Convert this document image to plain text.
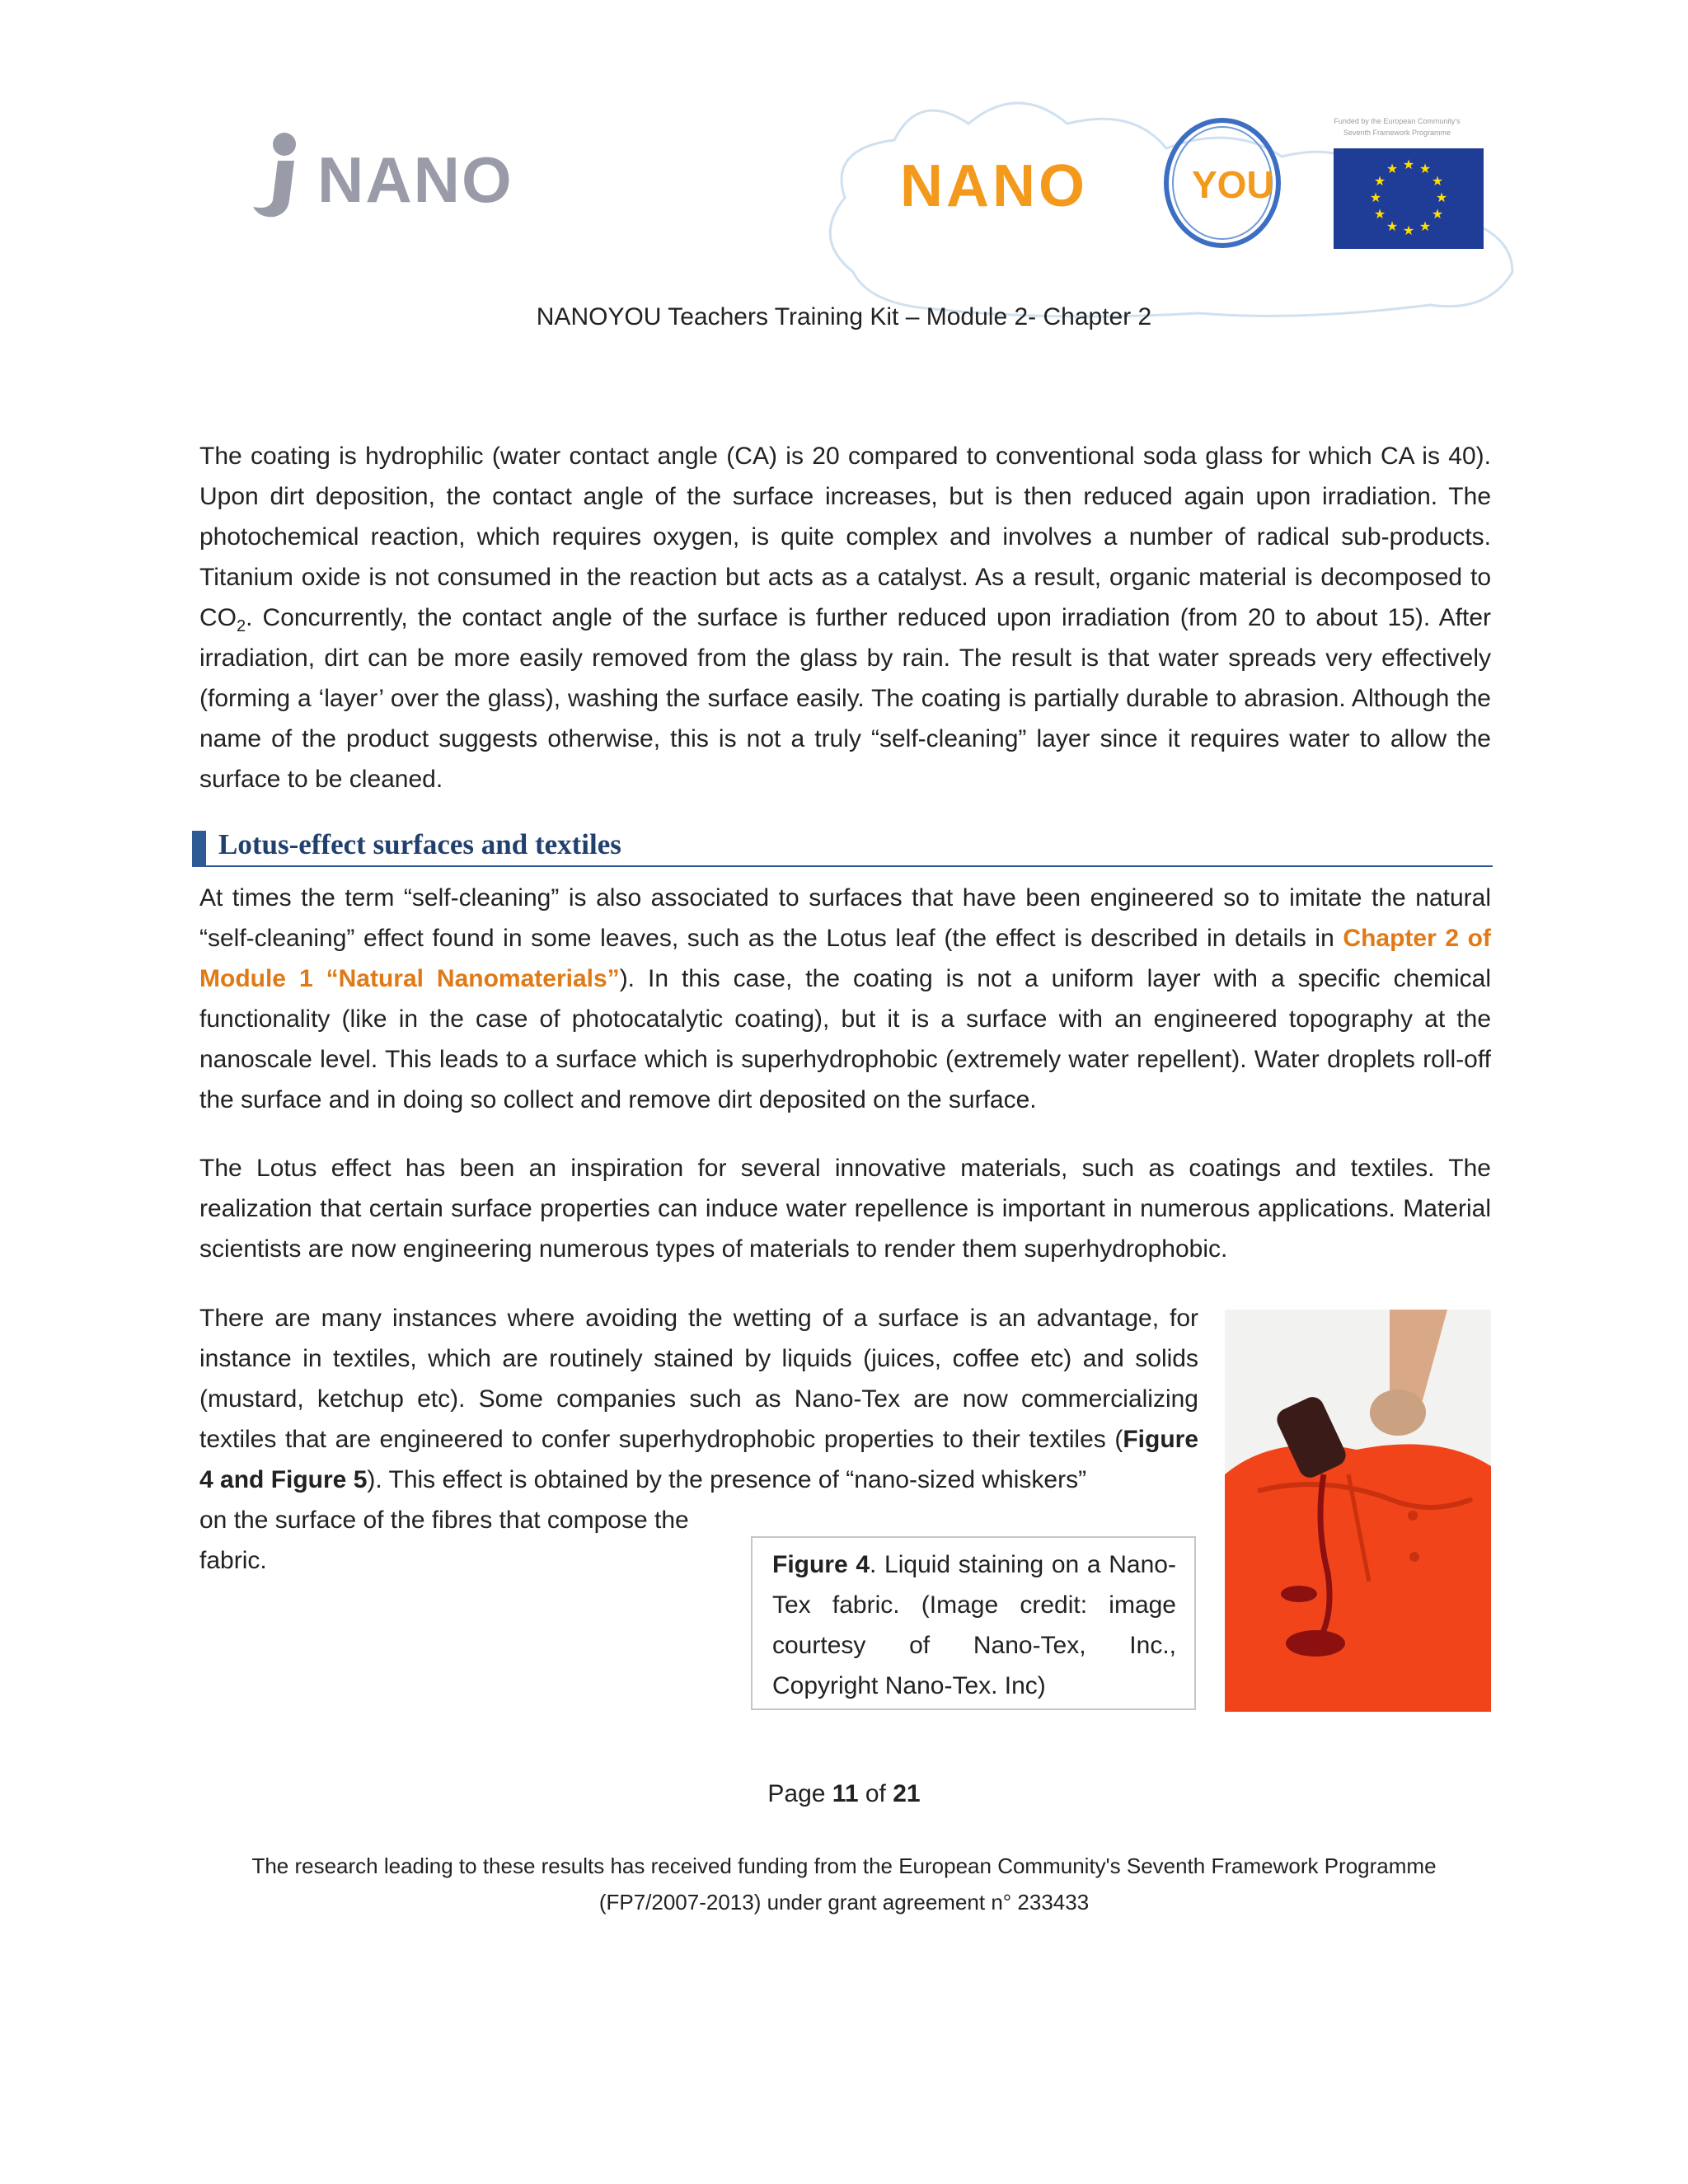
NANO	NANO	YOU
Funded by the European Community's
Seventh Framework Programme
★ ★
★
★
★
★
★
★
★
★
★
★
NANOYOU Teachers Training Kit – Module 2- Chapter 2

The coating is hydrophilic (water contact angle (CA) is 20 compared to conventional soda glass for which CA is 40). Upon dirt deposition, the contact angle of the surface increases, but is then reduced again upon irradiation. The photochemical reaction, which requires oxygen, is quite complex and involves a number of radical sub-products. Titanium oxide is not consumed in the reaction but acts as a catalyst. As a result, organic material is decomposed to $CO_2$. Concurrently, the contact angle of the surface is further reduced upon irradiation (from 20 to about 15). After irradiation, dirt can be more easily removed from the glass by rain. The result is that water spreads very effectively (forming a ‘layer’ over the glass), washing the surface easily. The coating is partially durable to abrasion. Although the name of the product suggests otherwise, this is not a truly “self-cleaning” layer since it requires water to allow the surface to be cleaned.

Lotus-effect surfaces and textiles

At times the term “self-cleaning” is also associated to surfaces that have been engineered so to imitate the natural “self-cleaning” effect found in some leaves, such as the Lotus leaf (the effect is described in details in Chapter 2 of Module 1 “Natural Nanomaterials”). In this case, the coating is not a uniform layer with a specific chemical functionality (like in the case of photocatalytic coating), but it is a surface with an engineered topography at the nanoscale level. This leads to a surface which is superhydrophobic (extremely water repellent). Water droplets roll-off the surface and in doing so collect and remove dirt deposited on the surface.

The Lotus effect has been an inspiration for several innovative materials, such as coatings and textiles. The realization that certain surface properties can induce water repellence is important in numerous applications. Material scientists are now engineering numerous types of materials to render them superhydrophobic.

There are many instances where avoiding the wetting of a surface is an advantage, for instance in textiles, which are routinely stained by liquids (juices, coffee etc) and solids (mustard, ketchup etc). Some companies such as Nano-Tex are now commercializing textiles that are engineered to confer superhydrophobic properties to their textiles (Figure 4 and Figure 5). This effect is obtained by the presence of “nano-sized whiskers”

on the surface of the fibres that compose the

fabric.	Figure 4. Liquid staining on a Nano-Tex fabric. (Image credit: image courtesy of Nano-Tex, Inc., Copyright Nano-Tex. Inc)
Page 11 of 21
The research leading to these results has received funding from the European Community's Seventh Framework Programme
(FP7/2007-2013) under grant agreement n° 233433
